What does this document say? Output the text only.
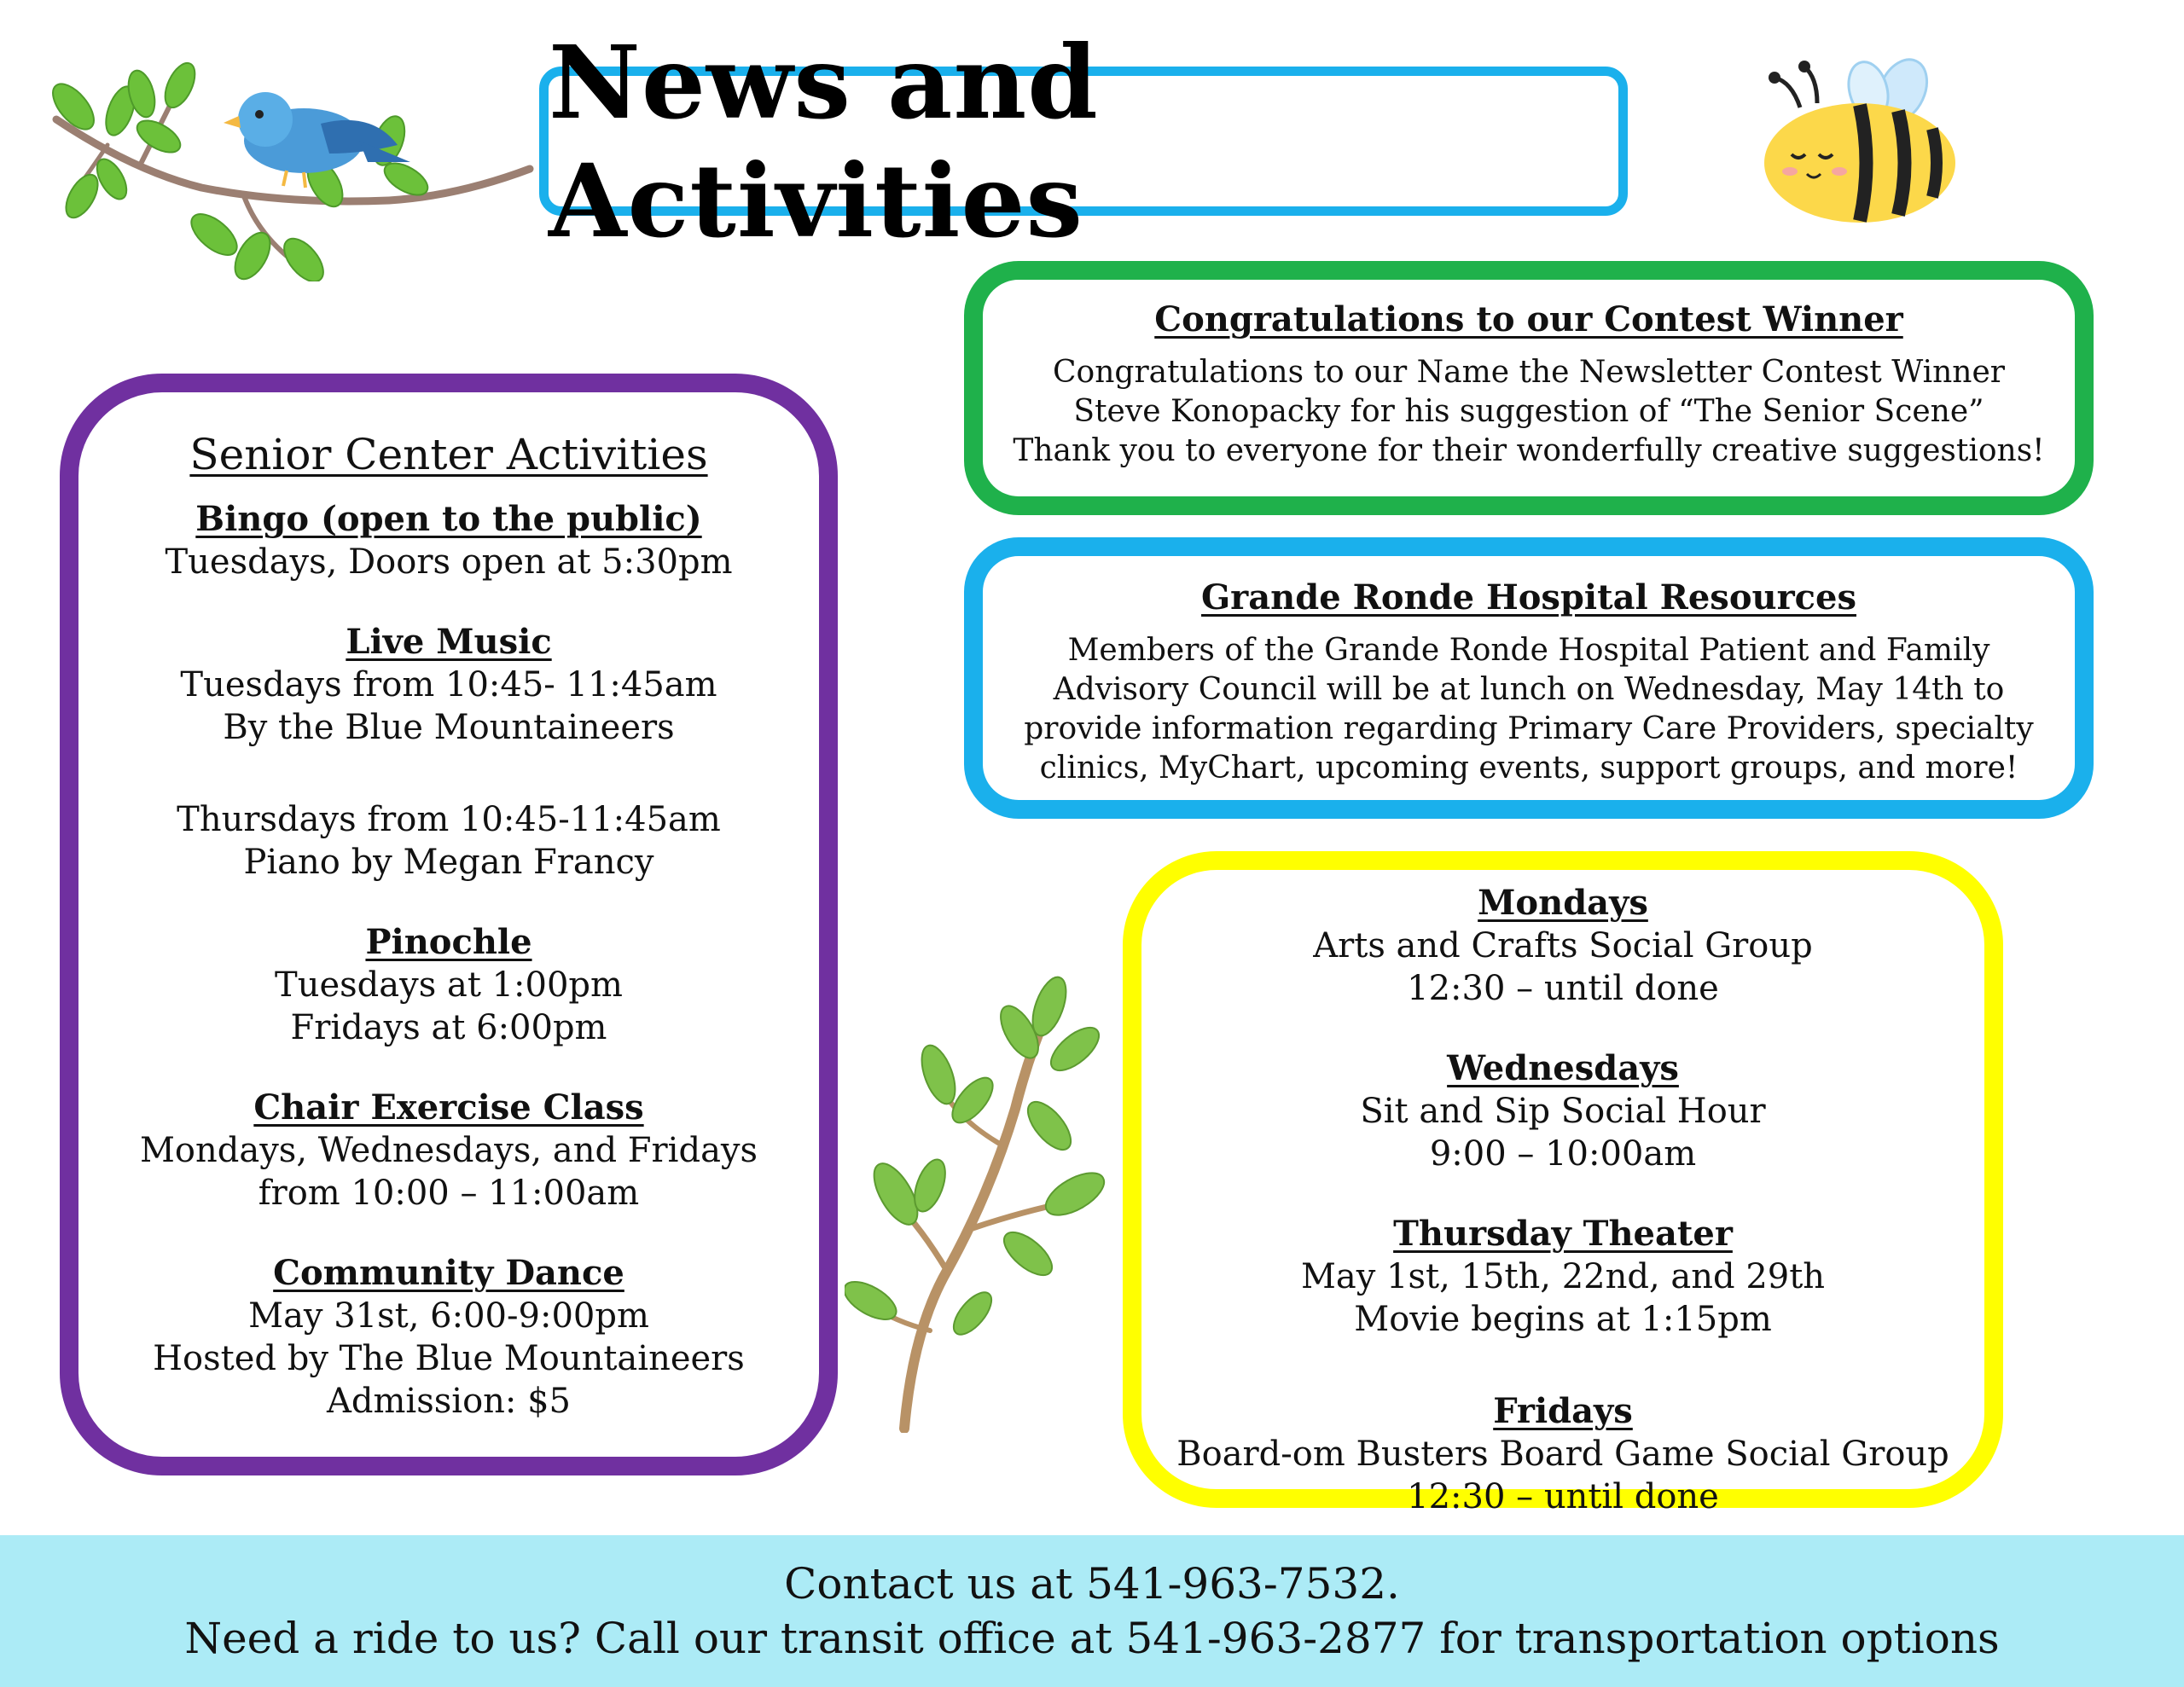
News and Activities
Senior Center Activities
Bingo (open to the public)
Tuesdays, Doors open at 5:30pm
Live Music
Tuesdays from 10:45- 11:45am
By the Blue Mountaineers
Thursdays from 10:45-11:45am
Piano by Megan Francy
Pinochle
Tuesdays at 1:00pm
Fridays at 6:00pm
Chair Exercise Class
Mondays, Wednesdays, and Fridays
from 10:00 – 11:00am
Community Dance
May 31st, 6:00-9:00pm
Hosted by The Blue Mountaineers
Admission: $5
Congratulations to our Contest Winner
Congratulations to our Name the Newsletter Contest Winner
Steve Konopacky for his suggestion of “The Senior Scene”
Thank you to everyone for their wonderfully creative suggestions!
Grande Ronde Hospital Resources
Members of the Grande Ronde Hospital Patient and Family
Advisory Council will be at lunch on Wednesday, May 14th to
provide information regarding Primary Care Providers, specialty
clinics, MyChart, upcoming events, support groups, and more!
Mondays
Arts and Crafts Social Group
12:30 – until done
Wednesdays
Sit and Sip Social Hour
9:00 – 10:00am
Thursday Theater
May 1st, 15th, 22nd, and 29th
Movie begins at 1:15pm
Fridays
Board-om Busters Board Game Social Group
12:30 – until done
Contact us at 541-963-7532.
Need a ride to us? Call our transit office at 541-963-2877 for transportation options
